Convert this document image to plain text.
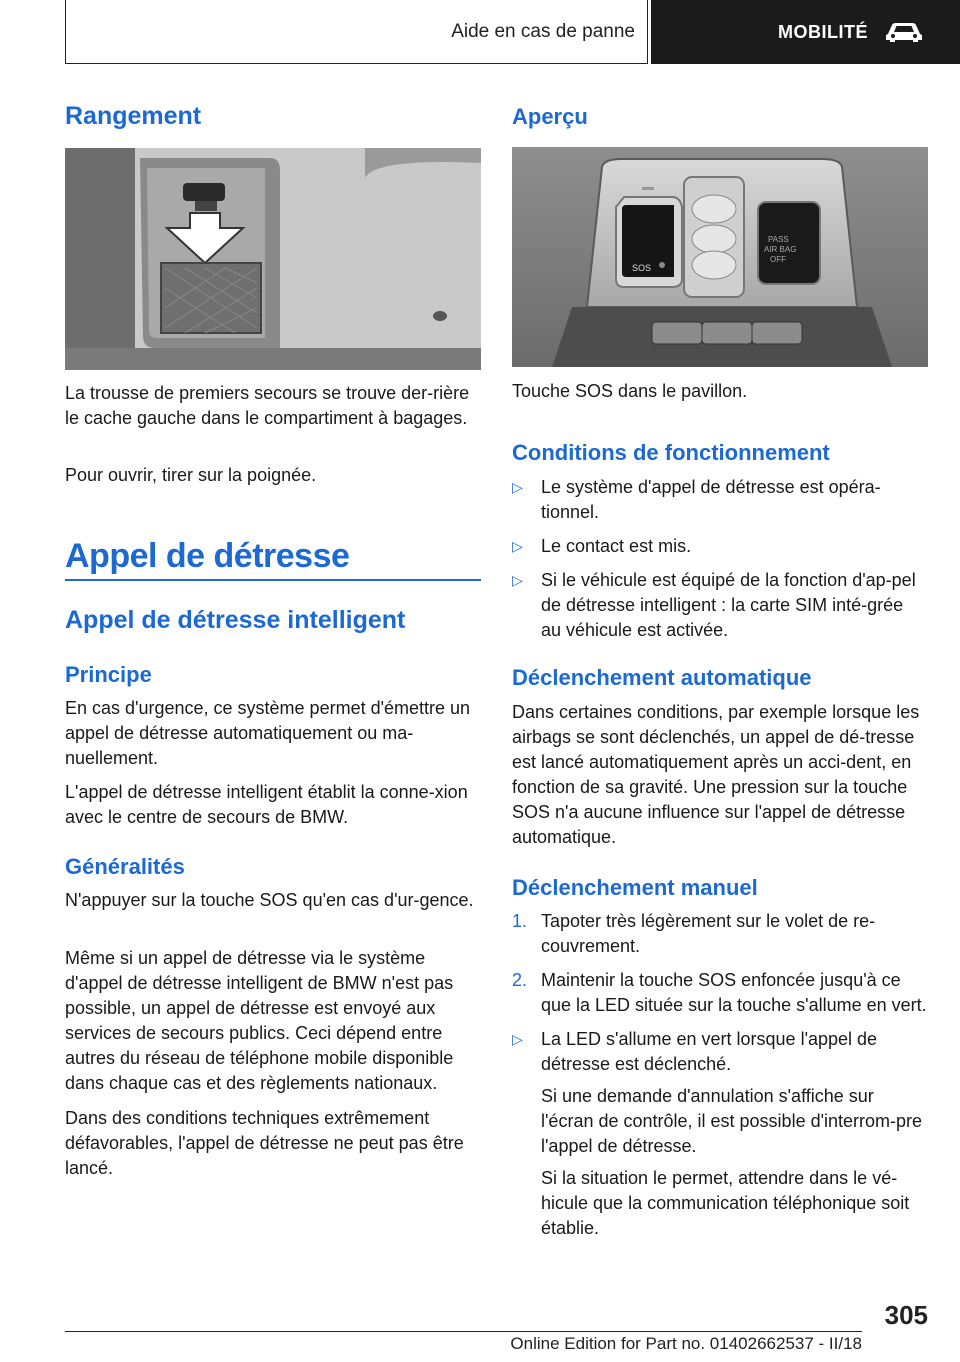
Aide en cas de panne	MOBILITÉ
Rangement
La trousse de premiers secours se trouve der-rière le cache gauche dans le compartiment à bagages.
Pour ouvrir, tirer sur la poignée.
Appel de détresse
Appel de détresse intelligent
Principe
En cas d'urgence, ce système permet d'émettre un appel de détresse automatiquement ou ma-nuellement.
L'appel de détresse intelligent établit la conne-xion avec le centre de secours de BMW.
Généralités
N'appuyer sur la touche SOS qu'en cas d'ur-gence.
Même si un appel de détresse via le système d'appel de détresse intelligent de BMW n'est pas possible, un appel de détresse est envoyé aux services de secours publics. Ceci dépend entre autres du réseau de téléphone mobile disponible dans chaque cas et des règlements nationaux.
Dans des conditions techniques extrêmement défavorables, l'appel de détresse ne peut pas être lancé.
Aperçu
SOS
PASS
AIR BAG
OFF
Touche SOS dans le pavillon.
Conditions de fonctionnement
▷ Le système d'appel de détresse est opéra-tionnel.
▷ Le contact est mis.
▷ Si le véhicule est équipé de la fonction d'ap-pel de détresse intelligent : la carte SIM inté-grée au véhicule est activée.
Déclenchement automatique
Dans certaines conditions, par exemple lorsque les airbags se sont déclenchés, un appel de dé-tresse est lancé automatiquement après un acci-dent, en fonction de sa gravité. Une pression sur la touche SOS n'a aucune influence sur l'appel de détresse automatique.
Déclenchement manuel
1. Tapoter très légèrement sur le volet de re-couvrement.
2. Maintenir la touche SOS enfoncée jusqu'à ce que la LED située sur la touche s'allume en vert.
▷ La LED s'allume en vert lorsque l'appel de détresse est déclenché.
Si une demande d'annulation s'affiche sur l'écran de contrôle, il est possible d'interrom-pre l'appel de détresse.
Si la situation le permet, attendre dans le vé-hicule que la communication téléphonique soit établie.
305
Online Edition for Part no. 01402662537 - II/18
